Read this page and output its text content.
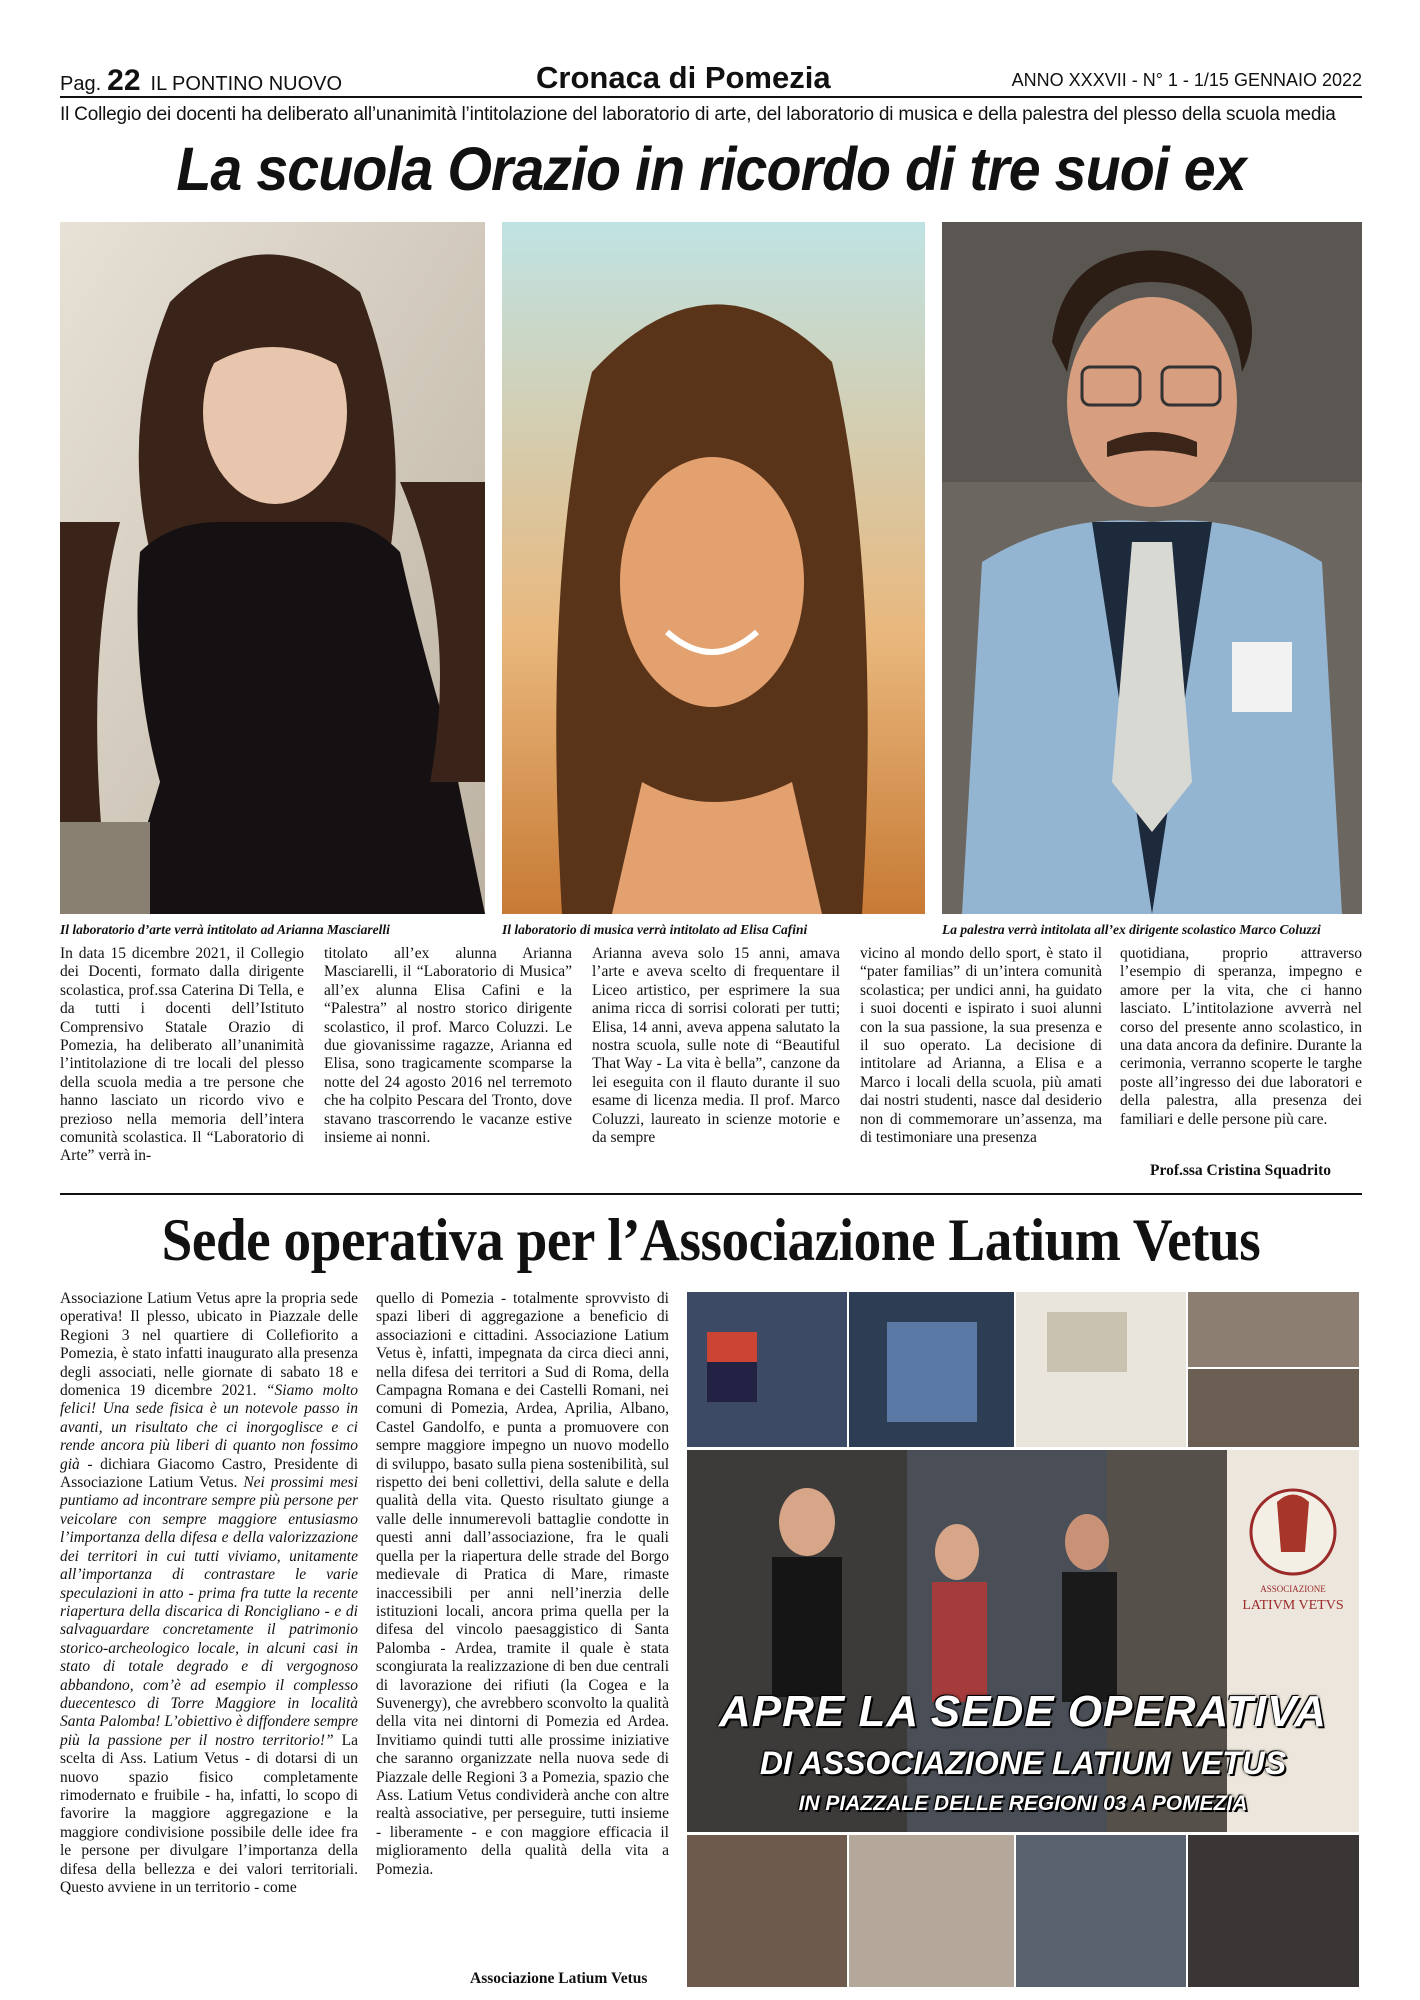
Pag. 22 IL PONTINO NUOVO	Cronaca di Pomezia	ANNO XXXVII - N° 1 - 1/15 GENNAIO 2022
Il Collegio dei docenti ha deliberato all’unanimità l’intitolazione del laboratorio di arte, del laboratorio di musica e della palestra del plesso della scuola media
La scuola Orazio in ricordo di tre suoi ex
Il laboratorio d’arte verrà intitolato ad Arianna Masciarelli	Il laboratorio di musica verrà intitolato ad Elisa Cafini	La palestra verrà intitolata all’ex dirigente scolastico Marco Coluzzi
In data 15 dicembre 2021, il Collegio dei Docenti, formato dalla dirigente scolastica, prof.ssa Caterina Di Tella, e da tutti i docenti dell’Istituto Comprensivo Statale Orazio di Pomezia, ha deliberato all’unanimità l’intitolazione di tre locali del plesso della scuola media a tre persone che hanno lasciato un ricordo vivo e prezioso nella memoria dell’intera comunità scolastica. Il “Laboratorio di Arte” verrà in-
titolato all’ex alunna Arianna Masciarelli, il “Laboratorio di Musica” all’ex alunna Elisa Cafini e la “Palestra” al nostro storico dirigente scolastico, il prof. Marco Coluzzi. Le due giovanissime ragazze, Arianna ed Elisa, sono tragicamente scomparse la notte del 24 agosto 2016 nel terremoto che ha colpito Pescara del Tronto, dove stavano trascorrendo le vacanze estive insieme ai nonni.
Arianna aveva solo 15 anni, amava l’arte e aveva scelto di frequentare il Liceo artistico, per esprimere la sua anima ricca di sorrisi colorati per tutti; Elisa, 14 anni, aveva appena salutato la nostra scuola, sulle note di “Beautiful That Way - La vita è bella”, canzone da lei eseguita con il flauto durante il suo esame di licenza media. Il prof. Marco Coluzzi, laureato in scienze motorie e da sempre
vicino al mondo dello sport, è stato il “pater familias” di un’intera comunità scolastica; per undici anni, ha guidato i suoi docenti e ispirato i suoi alunni con la sua passione, la sua presenza e il suo operato. La decisione di intitolare ad Arianna, a Elisa e a Marco i locali della scuola, più amati dai nostri studenti, nasce dal desiderio non di commemorare un’assenza, ma di testimoniare una presenza
quotidiana, proprio attraverso l’esempio di speranza, impegno e amore per la vita, che ci hanno lasciato. L’intitolazione avverrà nel corso del presente anno scolastico, in una data ancora da definire. Durante la cerimonia, verranno scoperte le targhe poste all’ingresso dei due laboratori e della palestra, alla presenza dei familiari e delle persone più care.
Prof.ssa Cristina Squadrito
Sede operativa per l’Associazione Latium Vetus
Associazione Latium Vetus apre la propria sede operativa! Il plesso, ubicato in Piazzale delle Regioni 3 nel quartiere di Collefiorito a Pomezia, è stato infatti inaugurato alla presenza degli associati, nelle giornate di sabato 18 e domenica 19 dicembre 2021. “Siamo molto felici! Una sede fisica è un notevole passo in avanti, un risultato che ci inorgoglisce e ci rende ancora più liberi di quanto non fossimo già - dichiara Giacomo Castro, Presidente di Associazione Latium Vetus. Nei prossimi mesi puntiamo ad incontrare sempre più persone per veicolare con sempre maggiore entusiasmo l’importanza della difesa e della valorizzazione dei territori in cui tutti viviamo, unitamente all’importanza di contrastare le varie speculazioni in atto - prima fra tutte la recente riapertura della discarica di Roncigliano - e di salvaguardare concretamente il patrimonio storico-archeologico locale, in alcuni casi in stato di totale degrado e di vergognoso abbandono, com’è ad esempio il complesso duecentesco di Torre Maggiore in località Santa Palomba! L’obiettivo è diffondere sempre più la passione per il nostro territorio!” La scelta di Ass. Latium Vetus - di dotarsi di un nuovo spazio fisico completamente rimodernato e fruibile - ha, infatti, lo scopo di favorire la maggiore aggregazione e la maggiore condivisione possibile delle idee fra le persone per divulgare l’importanza della difesa della bellezza e dei valori territoriali. Questo avviene in un territorio - come
quello di Pomezia - totalmente sprovvisto di spazi liberi di aggregazione a beneficio di associazioni e cittadini. Associazione Latium Vetus è, infatti, impegnata da circa dieci anni, nella difesa dei territori a Sud di Roma, della Campagna Romana e dei Castelli Romani, nei comuni di Pomezia, Ardea, Aprilia, Albano, Castel Gandolfo, e punta a promuovere con sempre maggiore impegno un nuovo modello di sviluppo, basato sulla piena sostenibilità, sul rispetto dei beni collettivi, della salute e della qualità della vita. Questo risultato giunge a valle delle innumerevoli battaglie condotte in questi anni dall’associazione, fra le quali quella per la riapertura delle strade del Borgo medievale di Pratica di Mare, rimaste inaccessibili per anni nell’inerzia delle istituzioni locali, ancora prima quella per la difesa del vincolo paesaggistico di Santa Palomba - Ardea, tramite il quale è stata scongiurata la realizzazione di ben due centrali di lavorazione dei rifiuti (la Cogea e la Suvenergy), che avrebbero sconvolto la qualità della vita nei dintorni di Pomezia ed Ardea. Invitiamo quindi tutti alle prossime iniziative che saranno organizzate nella nuova sede di Piazzale delle Regioni 3 a Pomezia, spazio che Ass. Latium Vetus condividerà anche con altre realtà associative, per perseguire, tutti insieme - liberamente - e con maggiore efficacia il miglioramento della qualità della vita a Pomezia.
Associazione Latium Vetus
ASSOCIAZIONE
LATIVM VETVS
APRE LA SEDE OPERATIVA
DI ASSOCIAZIONE LATIUM VETUS
IN PIAZZALE DELLE REGIONI 03 A POMEZIA
